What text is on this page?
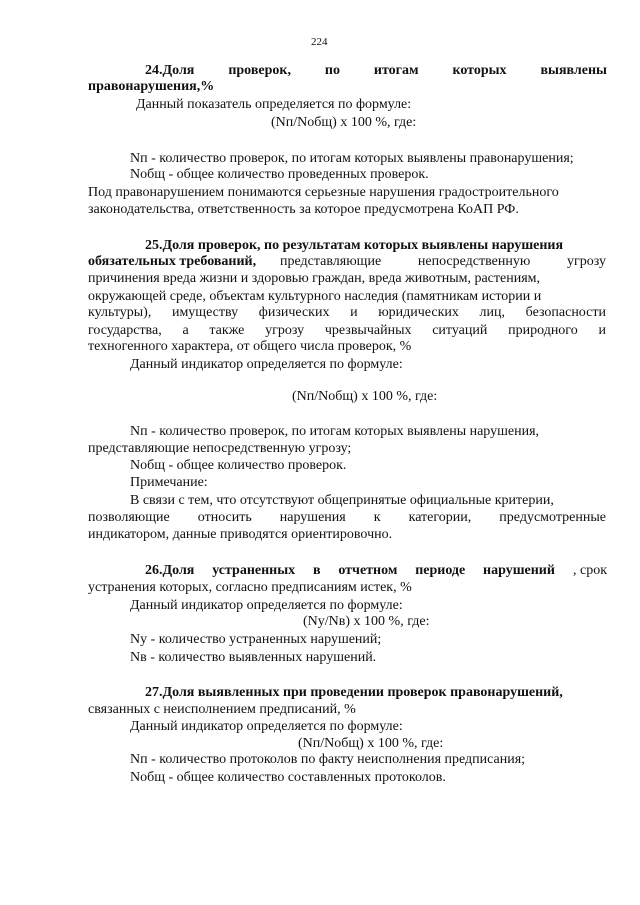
224
24.Доля проверок, по итогам которых выявлены
правонарушения,%
Данный показатель определяется по формуле:
(Nп/Nобщ) х 100 %, где:
Nп - количество проверок, по итогам которых выявлены правонарушения;
Nобщ - общее количество проведенных проверок.
Под правонарушением понимаются серьезные нарушения градостроительного
законодательства, ответственность за которое предусмотрена КоАП РФ.
25.Доля проверок, по результатам которых выявлены нарушения
обязательных требований, представляющие	непосредственную	угрозу
причинения вреда жизни и здоровью граждан, вреда животным, растениям,
окружающей среде, объектам культурного наследия (памятникам истории и
культуры), имуществу физических и юридических лиц, безопасности
государства, а также угрозу чрезвычайных ситуаций природного и
техногенного характера, от общего числа проверок, %
Данный индикатор определяется по формуле:
(Nп/Nобщ) х 100 %, где:
Nп - количество проверок, по итогам которых выявлены нарушения,
представляющие непосредственную угрозу;
Nобщ - общее количество проверок.
Примечание:
В связи с тем, что отсутствуют общепринятые официальные критерии,
позволяющие относить нарушения к категории, предусмотренные
индикатором, данные приводятся ориентировочно.
26.Доля устраненных в отчетном периоде нарушений , срок
устранения которых, согласно предписаниям истек, %
Данный индикатор определяется по формуле:
(Nу/Nв) х 100 %, где:
Nу - количество устраненных нарушений;
Nв - количество выявленных нарушений.
27.Доля выявленных при проведении проверок правонарушений,
связанных с неисполнением предписаний, %
Данный индикатор определяется по формуле:
(Nп/Nобщ) х 100 %, где:
Nп - количество протоколов по факту неисполнения предписания;
Nобщ - общее количество составленных протоколов.
